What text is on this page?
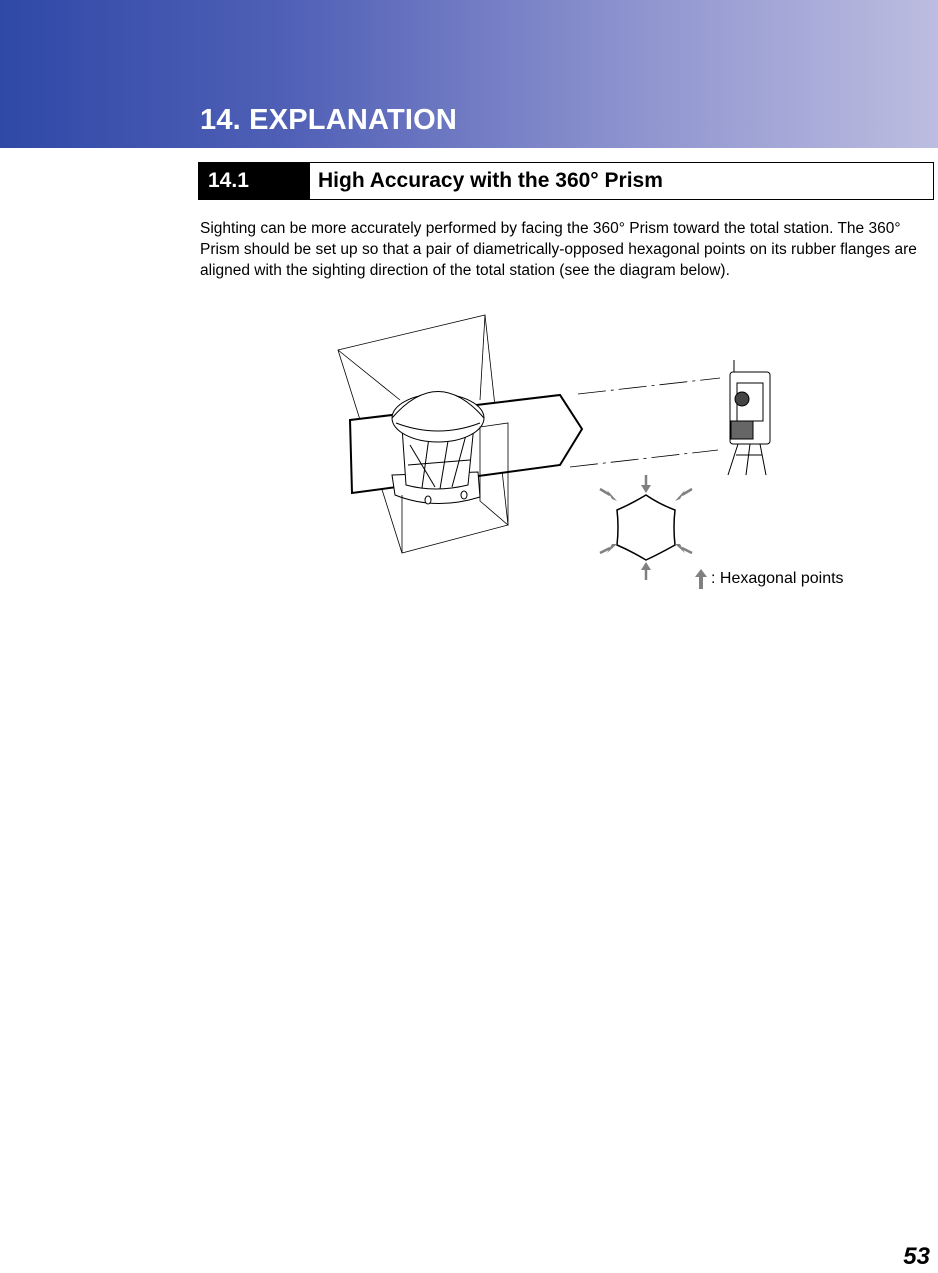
14. EXPLANATION
14.1	High Accuracy with the 360° Prism

Sighting can be more accurately performed by facing the 360° Prism toward the total station. The 360° Prism should be set up so that a pair of diametrically-opposed hexagonal points on its rubber flanges are aligned with the sighting direction of the total station (see the diagram below).

: Hexagonal points
53
